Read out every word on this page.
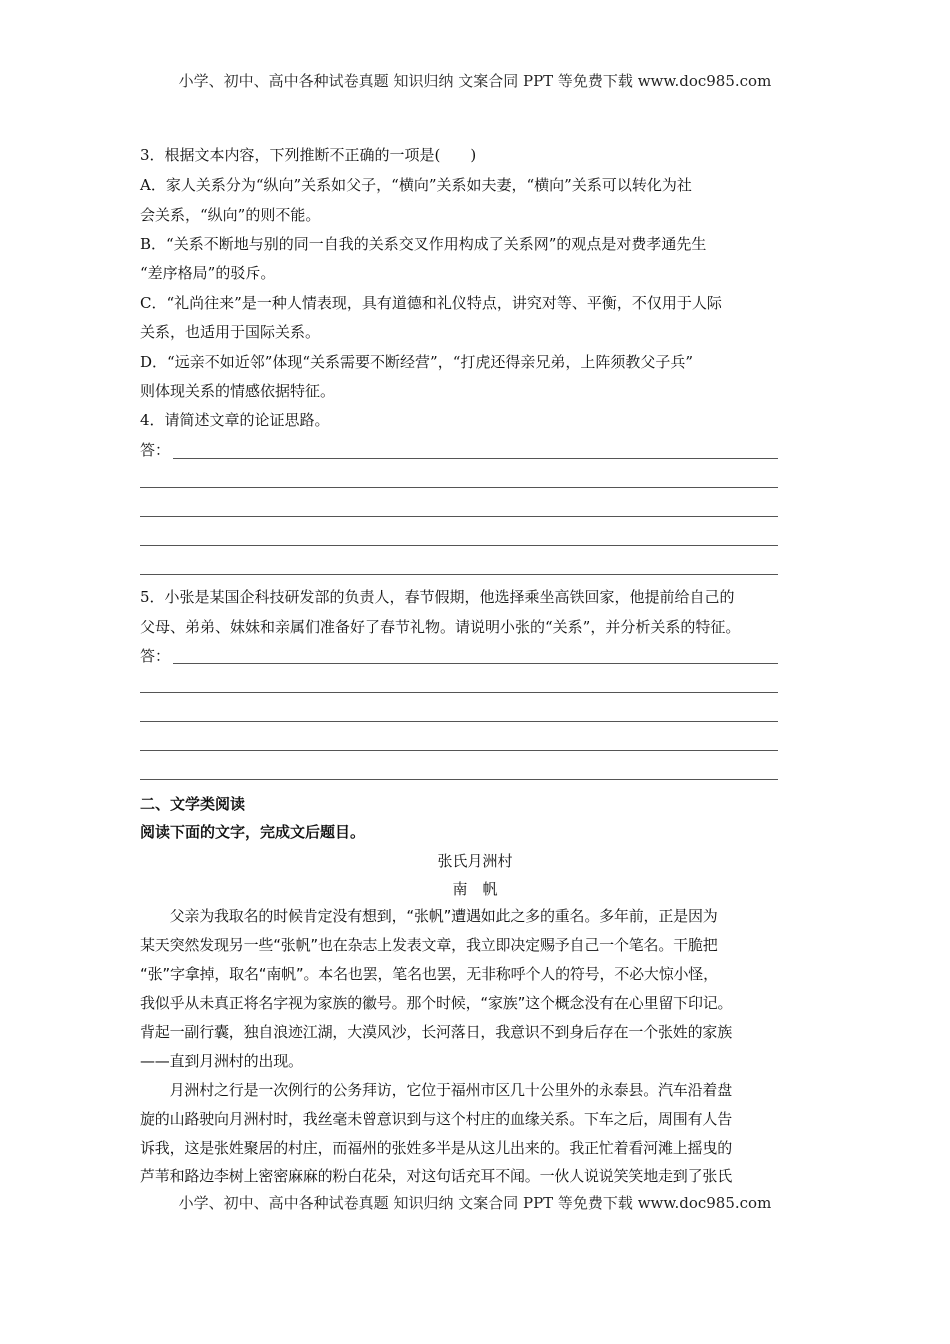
小学、初中、高中各种试卷真题 知识归纳 文案合同 PPT 等免费下载 www.doc985.com
3．根据文本内容，下列推断不正确的一项是(　　)
A．家人关系分为“纵向”关系如父子，“横向”关系如夫妻，“横向”关系可以转化为社
会关系，“纵向”的则不能。
B．“关系不断地与别的同一自我的关系交叉作用构成了关系网”的观点是对费孝通先生
“差序格局”的驳斥。
C．“礼尚往来”是一种人情表现，具有道德和礼仪特点，讲究对等、平衡，不仅用于人际
关系，也适用于国际关系。
D．“远亲不如近邻”体现“关系需要不断经营”，“打虎还得亲兄弟，上阵须教父子兵”
则体现关系的情感依据特征。
4．请简述文章的论证思路。
答：
5．小张是某国企科技研发部的负责人，春节假期，他选择乘坐高铁回家，他提前给自己的
父母、弟弟、妹妹和亲属们准备好了春节礼物。请说明小张的“关系”，并分析关系的特征。
答：
二、文学类阅读
阅读下面的文字，完成文后题目。
张氏月洲村
南　帆
　　父亲为我取名的时候肯定没有想到，“张帆”遭遇如此之多的重名。多年前，正是因为
某天突然发现另一些“张帆”也在杂志上发表文章，我立即决定赐予自己一个笔名。干脆把
“张”字拿掉，取名“南帆”。本名也罢，笔名也罢，无非称呼个人的符号，不必大惊小怪，
我似乎从未真正将名字视为家族的徽号。那个时候，“家族”这个概念没有在心里留下印记。
背起一副行囊，独自浪迹江湖，大漠风沙，长河落日，我意识不到身后存在一个张姓的家族
——直到月洲村的出现。
　　月洲村之行是一次例行的公务拜访，它位于福州市区几十公里外的永泰县。汽车沿着盘
旋的山路驶向月洲村时，我丝毫未曾意识到与这个村庄的血缘关系。下车之后，周围有人告
诉我，这是张姓聚居的村庄，而福州的张姓多半是从这儿出来的。我正忙着看河滩上摇曳的
芦苇和路边李树上密密麻麻的粉白花朵，对这句话充耳不闻。一伙人说说笑笑地走到了张氏
小学、初中、高中各种试卷真题 知识归纳 文案合同 PPT 等免费下载 www.doc985.com
